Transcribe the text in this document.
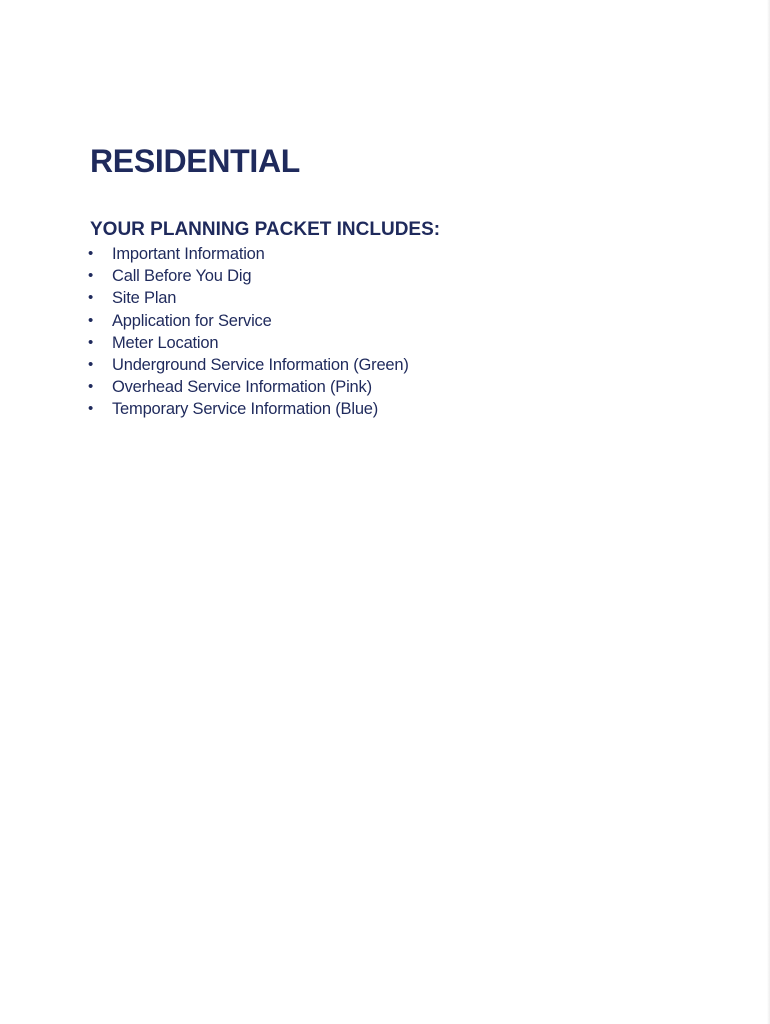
RESIDENTIAL
YOUR PLANNING PACKET INCLUDES:
• Important Information
• Call Before You Dig
• Site Plan
• Application for Service
• Meter Location
• Underground Service Information (Green)
• Overhead Service Information (Pink)
• Temporary Service Information (Blue)
